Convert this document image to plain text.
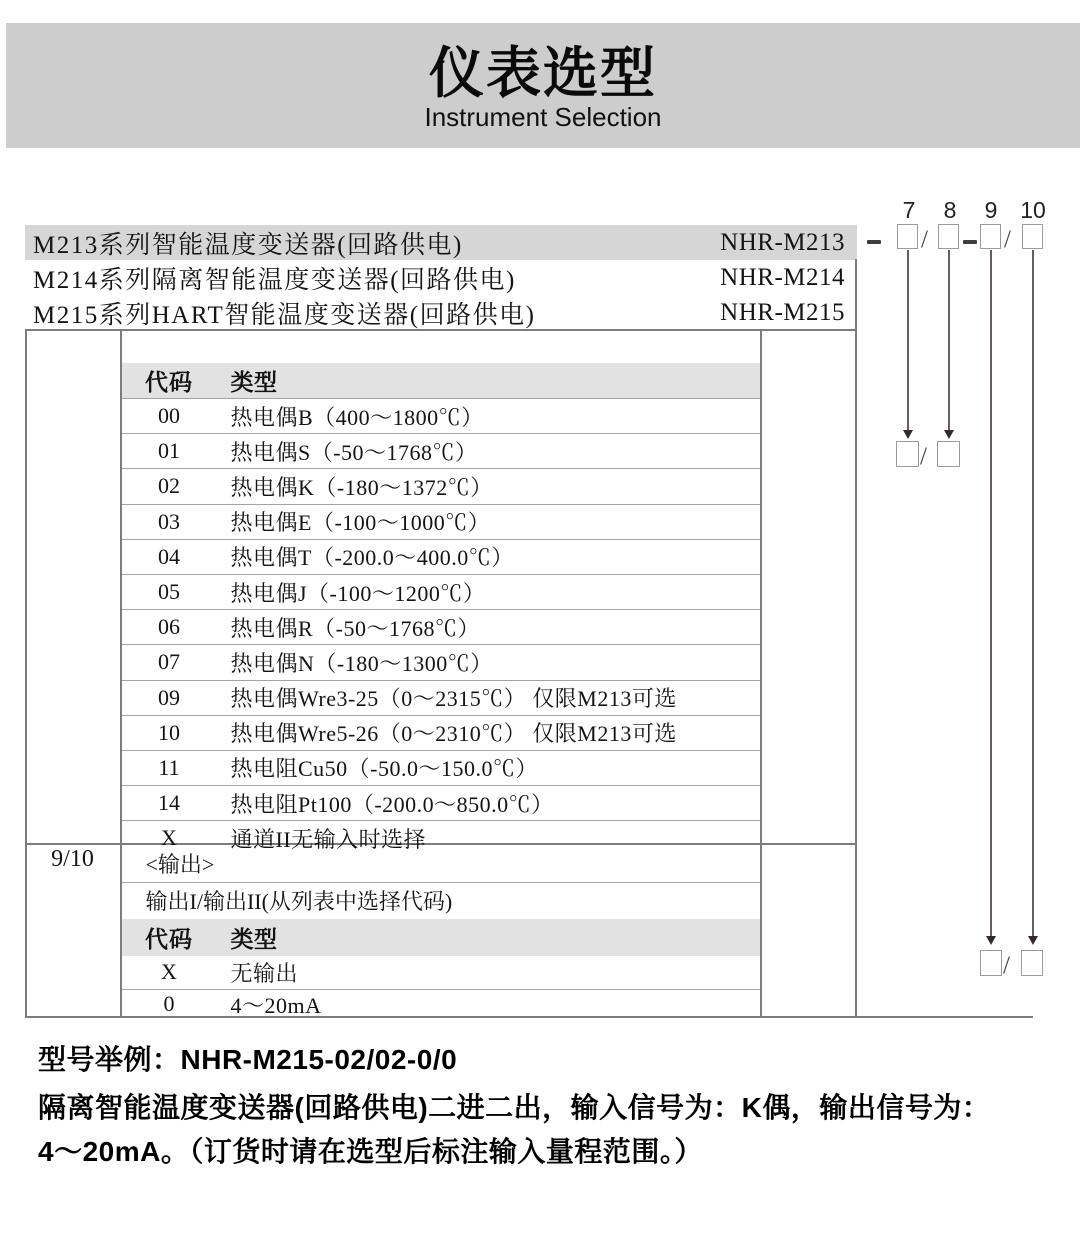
仪表选型
Instrument Selection
M213系列智能温度变送器(回路供电)	NHR-M213
M214系列隔离智能温度变送器(回路供电)	NHR-M214
M215系列HART智能温度变送器(回路供电)	NHR-M215
代码	类型
00	热电偶B（400～1800℃）
01	热电偶S（-50～1768℃）
02	热电偶K（-180～1372℃）
03	热电偶E（-100～1000℃）
04	热电偶T（-200.0～400.0℃）
05	热电偶J（-100～1200℃）
06	热电偶R（-50～1768℃）
07	热电偶N（-180～1300℃）
09	热电偶Wre3-25（0～2315℃） 仅限M213可选
10	热电偶Wre5-26（0～2310℃） 仅限M213可选
11	热电阻Cu50（-50.0～150.0℃）
14	热电阻Pt100（-200.0～850.0℃）
X	通道II无输入时选择
9/10	<输出>
输出I/输出II(从列表中选择代码)
代码	类型
X	无输出
0	4～20mA
7 8 9 10
/	/
/
/
型号举例：NHR-M215-02/02-0/0
隔离智能温度变送器(回路供电)二进二出，输入信号为：K偶，输出信号为：
4～20mA。（订货时请在选型后标注输入量程范围。）
